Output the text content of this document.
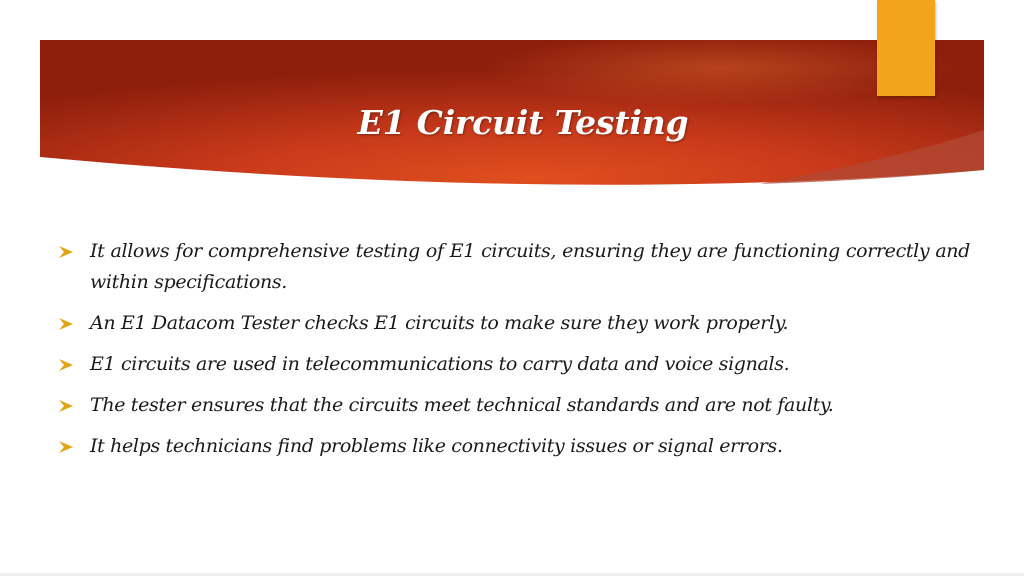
E1 Circuit Testing
It allows for comprehensive testing of E1 circuits, ensuring they are functioning correctly and within specifications.
An E1 Datacom Tester checks E1 circuits to make sure they work properly.
E1 circuits are used in telecommunications to carry data and voice signals.
The tester ensures that the circuits meet technical standards and are not faulty.
It helps technicians find problems like connectivity issues or signal errors.
